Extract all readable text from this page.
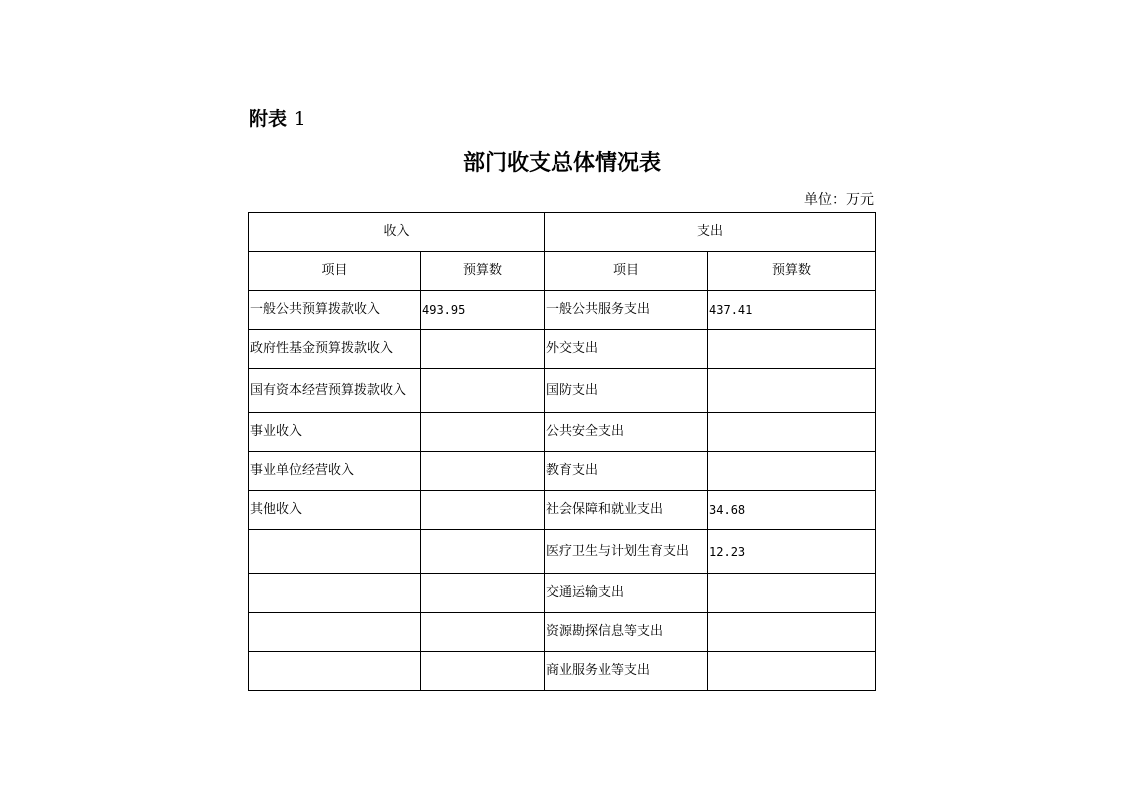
附表 1
部门收支总体情况表
单位：万元
收入		支出	
项目	预算数	项目	预算数
一般公共预算拨款收入	493.95	一般公共服务支出	437.41
政府性基金预算拨款收入		外交支出	
国有资本经营预算拨款收入		国防支出	
事业收入		公共安全支出	
事业单位经营收入		教育支出	
其他收入		社会保障和就业支出	34.68
		医疗卫生与计划生育支出	12.23
		交通运输支出	
		资源勘探信息等支出	
		商业服务业等支出	
